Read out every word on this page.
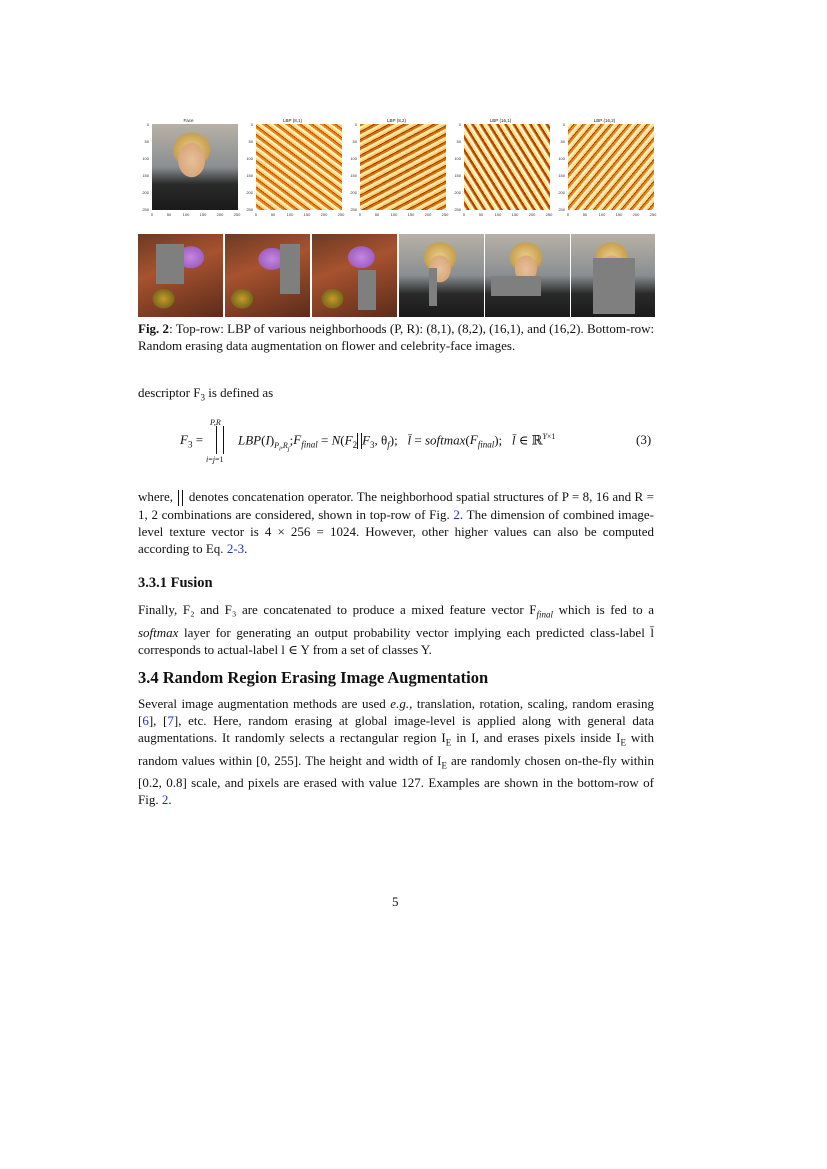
Face	LBP (8,1)	LBP (8,2)	LBP (16,1)	LBP (16,2)
0
50
100
150
200
250
0	50	100	150	200	250
0
50
100
150
200
250
0	50	100	150	200	250
0
50
100
150
200
250
0	50	100	150	200	250
0
50
100
150
200
250
0	50	100	150	200	250
0
50
100
150
200
250
0	50	100	150	200	250
Fig. 2: Top-row: LBP of various neighborhoods (P, R): (8,1), (8,2), (16,1), and (16,2). Bottom-row: Random erasing data augmentation on flower and celebrity-face images.
descriptor $F_3$ is defined as
P,R
$F_3$ =
i=j=1
$LBP(I)_{P_i,R_j};F_{final} = N(F_2$ $F_3$, $\theta_f$);   l̄ = $softmax(F_{final})$;   l̄ ∈ ℝ$^{Y\times 1}$	(3)
where,  denotes concatenation operator. The neighborhood spatial structures of P = 8, 16 and R = 1, 2 combinations are considered, shown in top-row of Fig. 2. The dimension of combined image-level texture vector is 4 × 256 = 1024. However, other higher values can also be computed according to Eq. 2-3.
3.3.1 Fusion
Finally, F₂ and F₃ are concatenated to produce a mixed feature vector $F_{final}$ which is fed to a softmax layer for generating an output probability vector implying each predicted class-label l̄ corresponds to actual-label l ∈ Y from a set of classes Y.
3.4 Random Region Erasing Image Augmentation
Several image augmentation methods are used e.g., translation, rotation, scaling, random erasing [6], [7], etc. Here, random erasing at global image-level is applied along with general data augmentations. It randomly selects a rectangular region $I_E$ in I, and erases pixels inside $I_E$ with random values within [0, 255]. The height and width of $I_E$ are randomly chosen on-the-fly within [0.2, 0.8] scale, and pixels are erased with value 127. Examples are shown in the bottom-row of Fig. 2.
5
